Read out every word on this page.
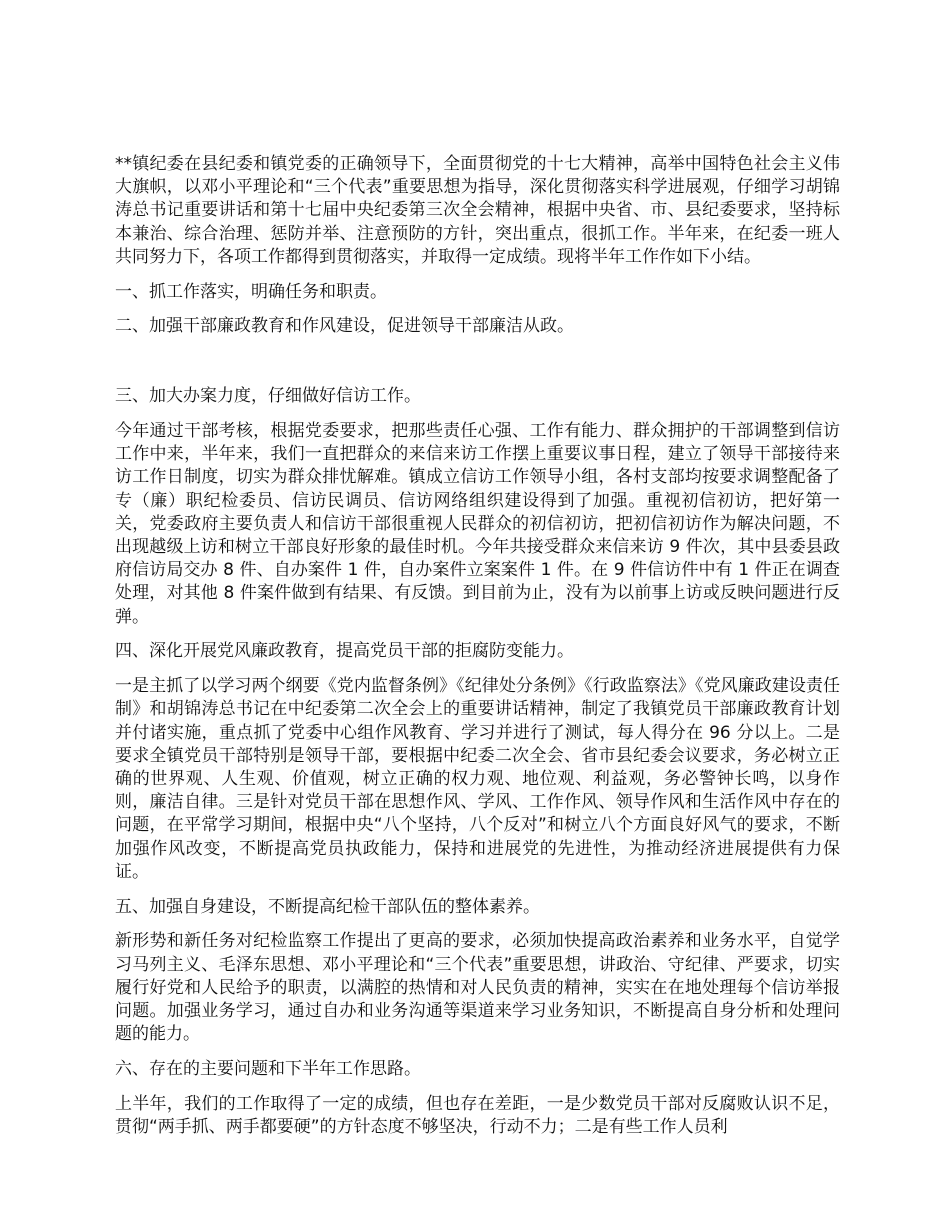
**镇纪委在县纪委和镇党委的正确领导下，全面贯彻党的十七大精神，高举中国特色社会主义伟大旗帜，以邓小平理论和“三个代表”重要思想为指导，深化贯彻落实科学进展观，仔细学习胡锦涛总书记重要讲话和第十七届中央纪委第三次全会精神，根据中央省、市、县纪委要求，坚持标本兼治、综合治理、惩防并举、注意预防的方针，突出重点，很抓工作。半年来，在纪委一班人共同努力下，各项工作都得到贯彻落实，并取得一定成绩。现将半年工作作如下小结。

一、抓工作落实，明确任务和职责。

二、加强干部廉政教育和作风建设，促进领导干部廉洁从政。

三、加大办案力度，仔细做好信访工作。

今年通过干部考核，根据党委要求，把那些责任心强、工作有能力、群众拥护的干部调整到信访工作中来，半年来，我们一直把群众的来信来访工作摆上重要议事日程，建立了领导干部接待来访工作日制度，切实为群众排忧解难。镇成立信访工作领导小组，各村支部均按要求调整配备了专（廉）职纪检委员、信访民调员、信访网络组织建设得到了加强。重视初信初访，把好第一关，党委政府主要负责人和信访干部很重视人民群众的初信初访，把初信初访作为解决问题，不出现越级上访和树立干部良好形象的最佳时机。今年共接受群众来信来访 9 件次，其中县委县政府信访局交办 8 件、自办案件 1 件，自办案件立案案件 1 件。在 9 件信访件中有 1 件正在调查处理，对其他 8 件案件做到有结果、有反馈。到目前为止，没有为以前事上访或反映问题进行反弹。

四、深化开展党风廉政教育，提高党员干部的拒腐防变能力。

一是主抓了以学习两个纲要《党内监督条例》《纪律处分条例》《行政监察法》《党风廉政建设责任制》和胡锦涛总书记在中纪委第二次全会上的重要讲话精神，制定了我镇党员干部廉政教育计划并付诸实施，重点抓了党委中心组作风教育、学习并进行了测试，每人得分在 96 分以上。二是要求全镇党员干部特别是领导干部，要根据中纪委二次全会、省市县纪委会议要求，务必树立正确的世界观、人生观、价值观，树立正确的权力观、地位观、利益观，务必警钟长鸣，以身作则，廉洁自律。三是针对党员干部在思想作风、学风、工作作风、领导作风和生活作风中存在的问题，在平常学习期间，根据中央“八个坚持，八个反对”和树立八个方面良好风气的要求，不断加强作风改变，不断提高党员执政能力，保持和进展党的先进性，为推动经济进展提供有力保证。

五、加强自身建设，不断提高纪检干部队伍的整体素养。

新形势和新任务对纪检监察工作提出了更高的要求，必须加快提高政治素养和业务水平，自觉学习马列主义、毛泽东思想、邓小平理论和“三个代表”重要思想，讲政治、守纪律、严要求，切实履行好党和人民给予的职责，以满腔的热情和对人民负责的精神，实实在在地处理每个信访举报问题。加强业务学习，通过自办和业务沟通等渠道来学习业务知识，不断提高自身分析和处理问题的能力。

六、存在的主要问题和下半年工作思路。

上半年，我们的工作取得了一定的成绩，但也存在差距，一是少数党员干部对反腐败认识不足，贯彻“两手抓、两手都要硬”的方针态度不够坚决，行动不力；二是有些工作人员利
